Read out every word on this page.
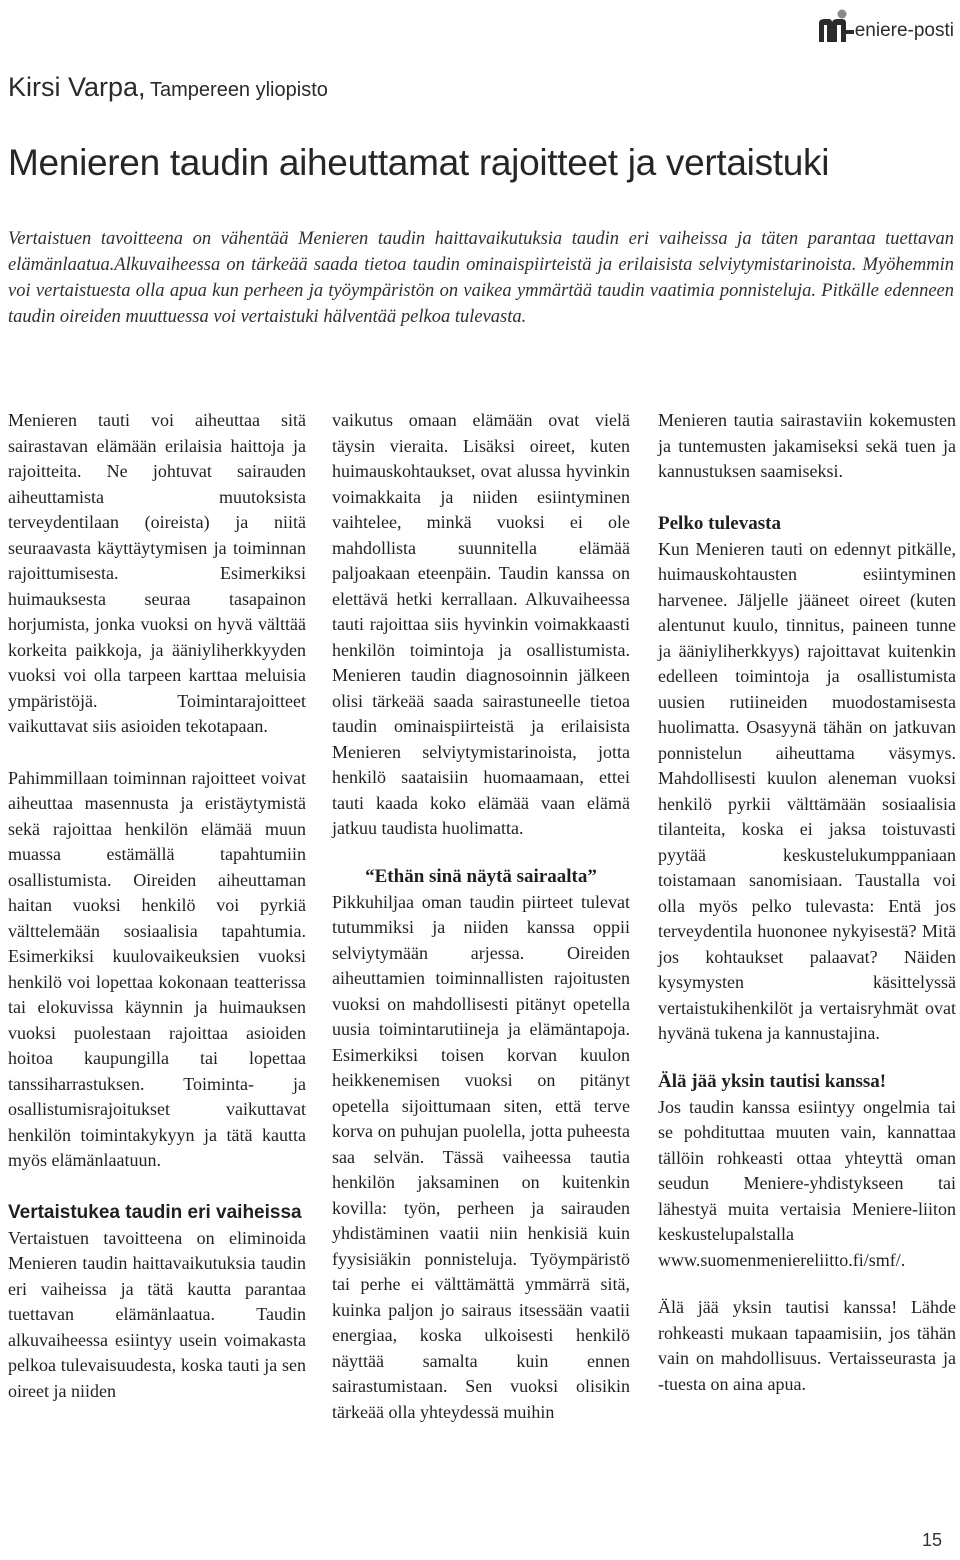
eniere-posti
Kirsi Varpa, Tampereen yliopisto
Menieren taudin aiheuttamat rajoitteet ja vertaistuki

Vertaistuen tavoitteena on vähentää Menieren taudin haittavaikutuksia taudin eri vaiheissa ja täten parantaa tuettavan elämänlaatua.Alkuvaiheessa on tärkeää saada tietoa taudin ominaispiirteistä ja erilaisista selviytymistarinoista. Myöhemmin voi vertaistuesta olla apua kun perheen ja työympäristön on vaikea ymmärtää taudin vaatimia ponnisteluja. Pitkälle edenneen taudin oireiden muuttuessa voi vertaistuki hälventää pelkoa tulevasta.

Menieren tauti voi aiheuttaa sitä sairastavan elämään erilaisia haittoja ja rajoitteita. Ne johtuvat sairauden aiheuttamista muutoksista terveydentilaan (oireista) ja niitä seuraavasta käyttäytymisen ja toiminnan rajoittumisesta. Esimerkiksi huimauksesta seuraa tasapainon horjumista, jonka vuoksi on hyvä välttää korkeita paikkoja, ja ääniyliherkkyyden vuoksi voi olla tarpeen karttaa meluisia ympäristöjä. Toimintarajoitteet vaikuttavat siis asioiden tekotapaan.

Pahimmillaan toiminnan rajoitteet voivat aiheuttaa masennusta ja eristäytymistä sekä rajoittaa henkilön elämää muun muassa estämällä tapahtumiin osallistumista. Oireiden aiheuttaman haitan vuoksi henkilö voi pyrkiä välttelemään sosiaalisia tapahtumia. Esimerkiksi kuulovaikeuksien vuoksi henkilö voi lopettaa kokonaan teatterissa tai elokuvissa käynnin ja huimauksen vuoksi puolestaan rajoittaa asioiden hoitoa kaupungilla tai lopettaa tanssiharrastuksen. Toiminta- ja osallistumisrajoitukset vaikuttavat henkilön toimintakykyyn ja tätä kautta myös elämänlaatuun.

Vertaistukea taudin eri vaiheissa

Vertaistuen tavoitteena on eliminoida Menieren taudin haittavaikutuksia taudin eri vaiheissa ja tätä kautta parantaa tuettavan elämänlaatua. Taudin alkuvaiheessa esiintyy usein voimakasta pelkoa tulevaisuudesta, koska tauti ja sen oireet ja niiden

vaikutus omaan elämään ovat vielä täysin vieraita. Lisäksi oireet, kuten huimauskohtaukset, ovat alussa hyvinkin voimakkaita ja niiden esiintyminen vaihtelee, minkä vuoksi ei ole mahdollista suunnitella elämää paljoakaan eteenpäin. Taudin kanssa on elettävä hetki kerrallaan. Alkuvaiheessa tauti rajoittaa siis hyvinkin voimakkaasti henkilön toimintoja ja osallistumista. Menieren taudin diagnosoinnin jälkeen olisi tärkeää saada sairastuneelle tietoa taudin ominaispiirteistä ja erilaisista Menieren selviytymistarinoista, jotta henkilö saataisiin huomaamaan, ettei tauti kaada koko elämää vaan elämä jatkuu taudista huolimatta.

“Ethän sinä näytä sairaalta”

Pikkuhiljaa oman taudin piirteet tulevat tutummiksi ja niiden kanssa oppii selviytymään arjessa. Oireiden aiheuttamien toiminnallisten rajoitusten vuoksi on mahdollisesti pitänyt opetella uusia toimintarutiineja ja elämäntapoja. Esimerkiksi toisen korvan kuulon heikkenemisen vuoksi on pitänyt opetella sijoittumaan siten, että terve korva on puhujan puolella, jotta puheesta saa selvän. Tässä vaiheessa tautia henkilön jaksaminen on kuitenkin kovilla: työn, perheen ja sairauden yhdistäminen vaatii niin henkisiä kuin fyysisiäkin ponnisteluja. Työympäristö tai perhe ei välttämättä ymmärrä sitä, kuinka paljon jo sairaus itsessään vaatii energiaa, koska ulkoisesti henkilö näyttää samalta kuin ennen sairastumistaan. Sen vuoksi olisikin tärkeää olla yhteydessä muihin

Menieren tautia sairastaviin kokemusten ja tuntemusten jakamiseksi sekä tuen ja kannustuksen saamiseksi.

Pelko tulevasta

Kun Menieren tauti on edennyt pitkälle, huimauskohtausten esiintyminen harvenee. Jäljelle jääneet oireet (kuten alentunut kuulo, tinnitus, paineen tunne ja ääniyliherkkyys) rajoittavat kuitenkin edelleen toimintoja ja osallistumista uusien rutiineiden muodostamisesta huolimatta. Osasyynä tähän on jatkuvan ponnistelun aiheuttama väsymys. Mahdollisesti kuulon aleneman vuoksi henkilö pyrkii välttämään sosiaalisia tilanteita, koska ei jaksa toistuvasti pyytää keskustelukumppaniaan toistamaan sanomisiaan. Taustalla voi olla myös pelko tulevasta: Entä jos terveydentila huononee nykyisestä? Mitä jos kohtaukset palaavat? Näiden kysymysten käsittelyssä vertaistukihenkilöt ja vertaisryhmät ovat hyvänä tukena ja kannustajina.

Älä jää yksin tautisi kanssa!

Jos taudin kanssa esiintyy ongelmia tai se pohdituttaa muuten vain, kannattaa tällöin rohkeasti ottaa yhteyttä oman seudun Meniere-yhdistykseen tai lähestyä muita vertaisia Meniere-liiton keskustelupalstalla www.suomenmeniereliitto.fi/smf/.

Älä jää yksin tautisi kanssa! Lähde rohkeasti mukaan tapaamisiin, jos tähän vain on mahdollisuus. Vertaisseurasta ja -tuesta on aina apua.

15
